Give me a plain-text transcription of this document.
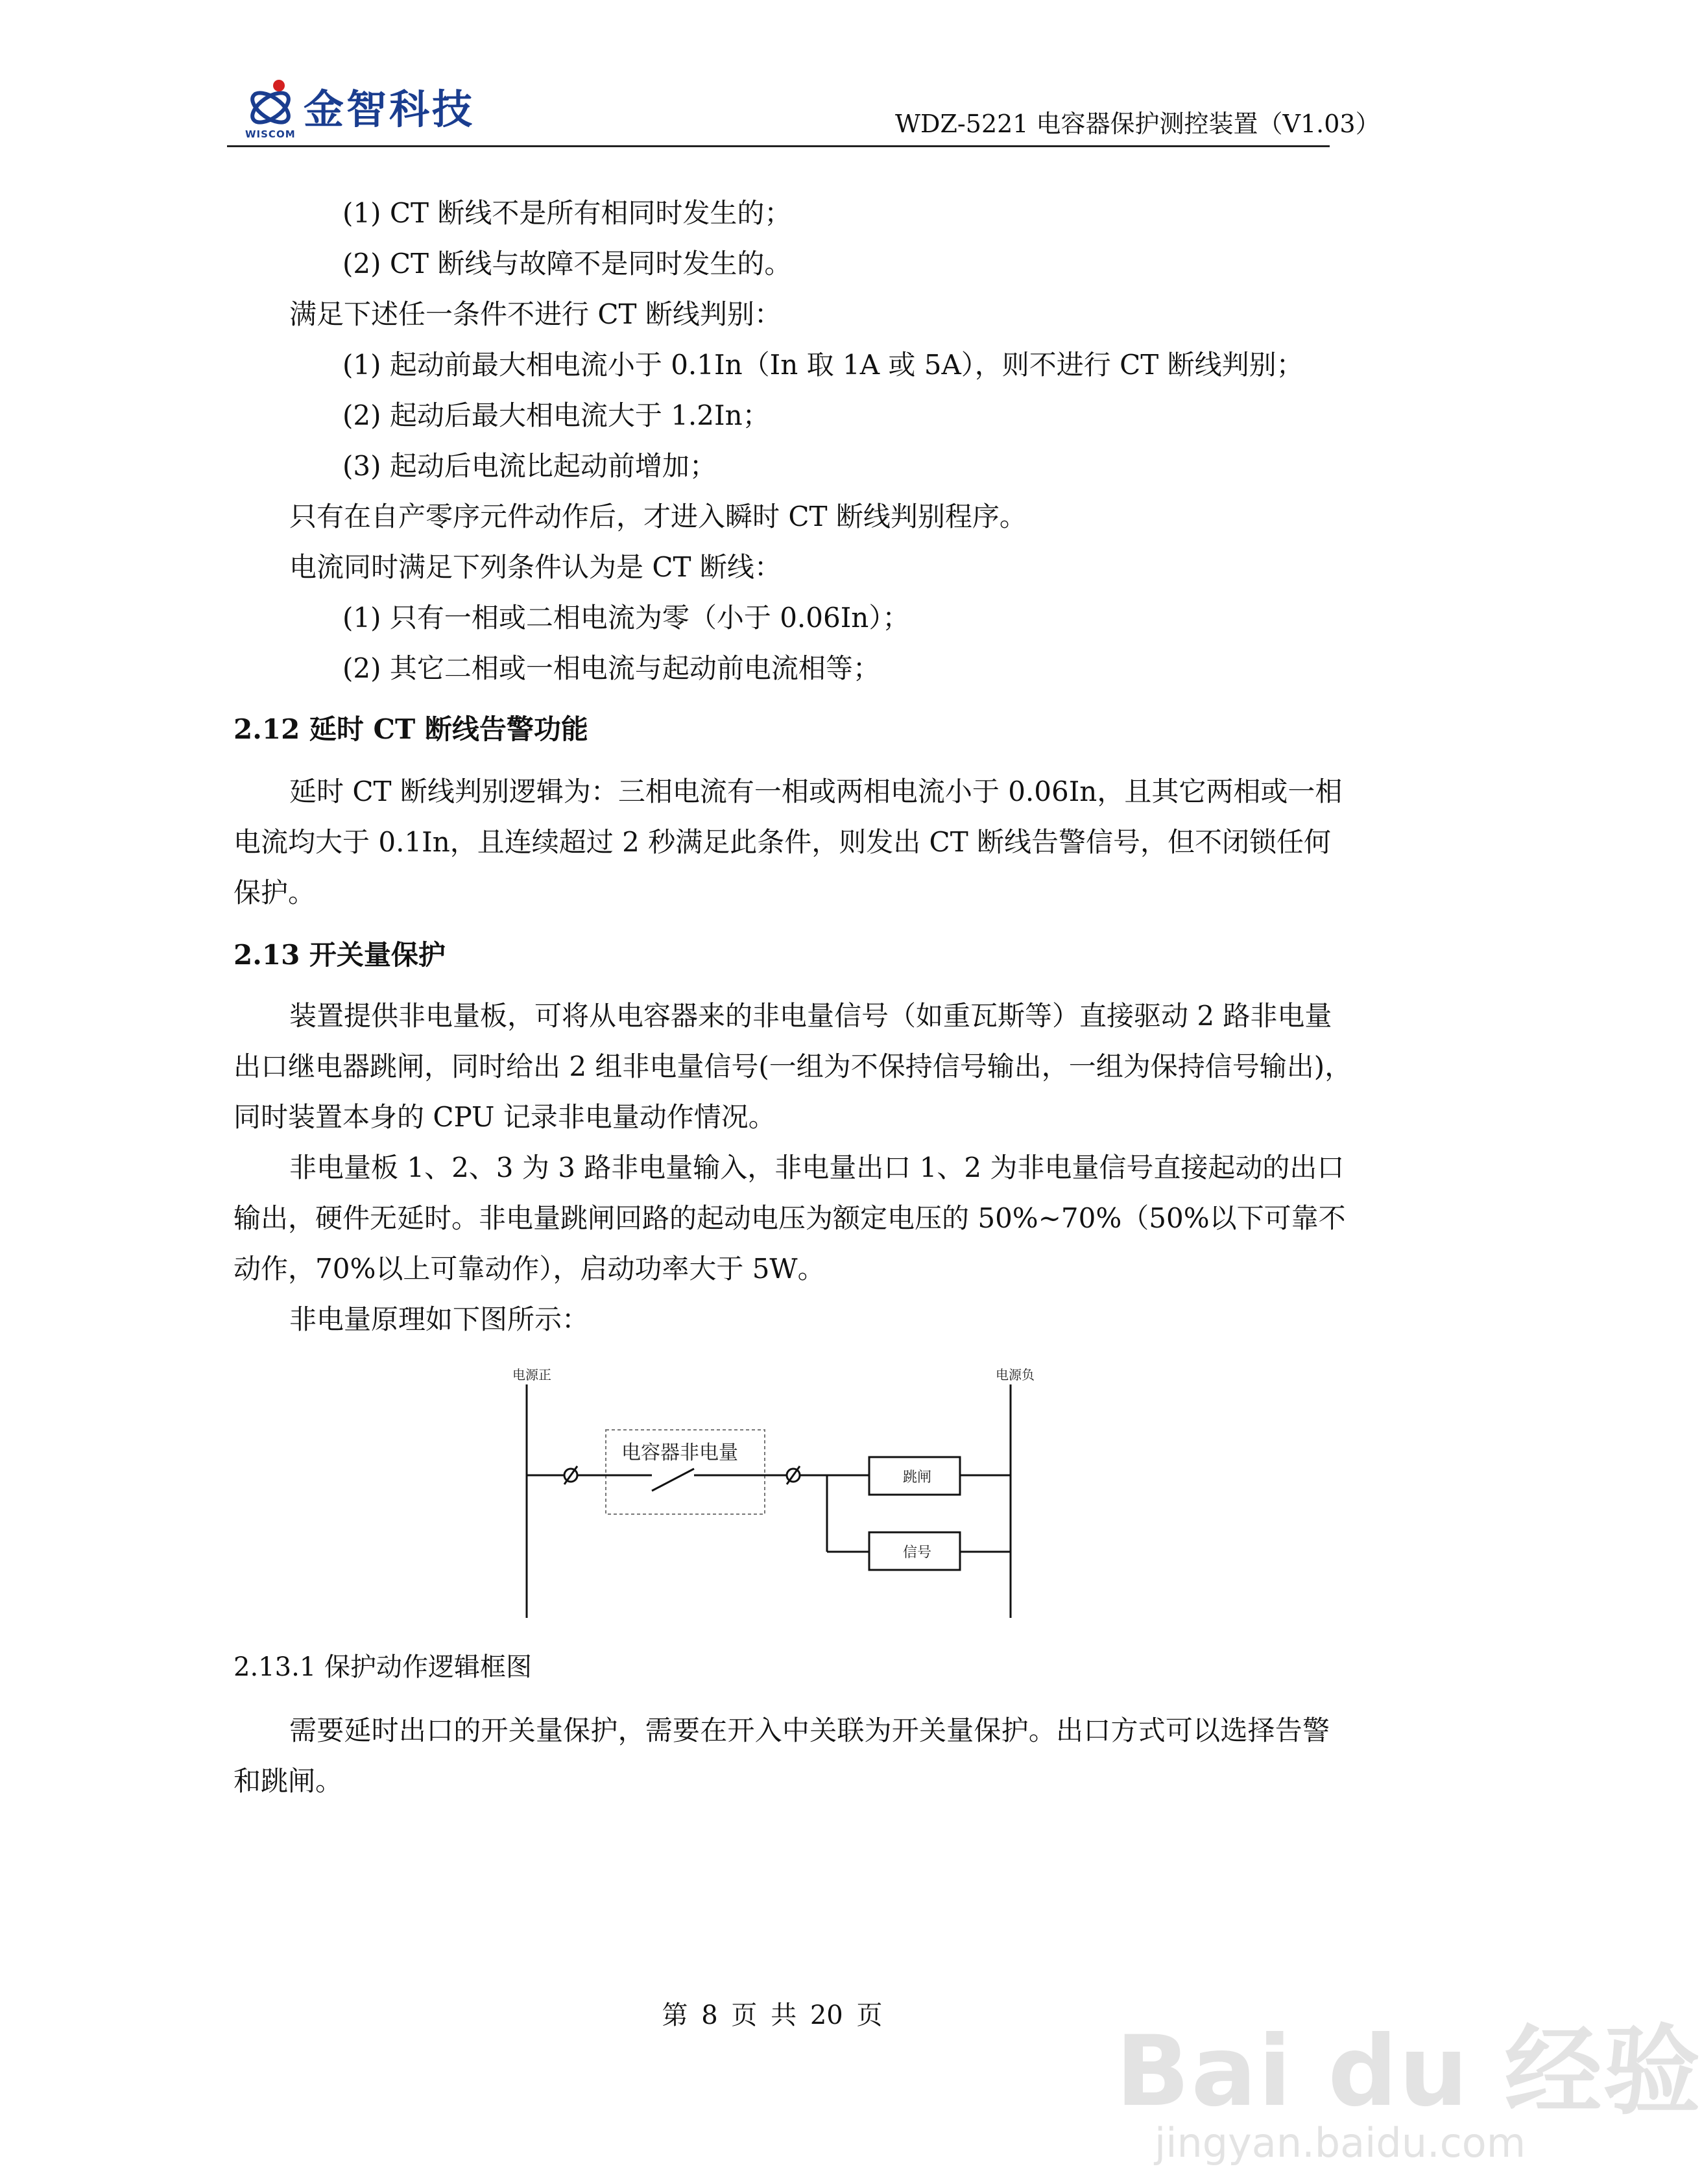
金智科技
WISCOM	WDZ-5221 电容器保护测控装置（V1.03）
(1) CT 断线不是所有相同时发生的；
(2) CT 断线与故障不是同时发生的。
满足下述任一条件不进行 CT 断线判别：
(1) 起动前最大相电流小于 0.1In（In 取 1A 或 5A），则不进行 CT 断线判别；
(2) 起动后最大相电流大于 1.2In；
(3) 起动后电流比起动前增加；
只有在自产零序元件动作后，才进入瞬时 CT 断线判别程序。
电流同时满足下列条件认为是 CT 断线：
(1) 只有一相或二相电流为零（小于 0.06In）；
(2) 其它二相或一相电流与起动前电流相等；
2.12 延时 CT 断线告警功能
延时 CT 断线判别逻辑为：三相电流有一相或两相电流小于 0.06In，且其它两相或一相
电流均大于 0.1In，且连续超过 2 秒满足此条件，则发出 CT 断线告警信号，但不闭锁任何
保护。
2.13 开关量保护
装置提供非电量板，可将从电容器来的非电量信号（如重瓦斯等）直接驱动 2 路非电量
出口继电器跳闸，同时给出 2 组非电量信号(一组为不保持信号输出，一组为保持信号输出)，
同时装置本身的 CPU 记录非电量动作情况。
非电量板 1、2、3 为 3 路非电量输入，非电量出口 1、2 为非电量信号直接起动的出口
输出，硬件无延时。非电量跳闸回路的起动电压为额定电压的 50%~70%（50%以下可靠不
动作，70%以上可靠动作），启动功率大于 5W。
非电量原理如下图所示：
电源正	电源负
电容器非电量
跳闸
信号
2.13.1 保护动作逻辑框图
需要延时出口的开关量保护，需要在开入中关联为开关量保护。出口方式可以选择告警
和跳闸。
第 8 页 共 20 页	Bai du 经验
jingyan.baidu.com
